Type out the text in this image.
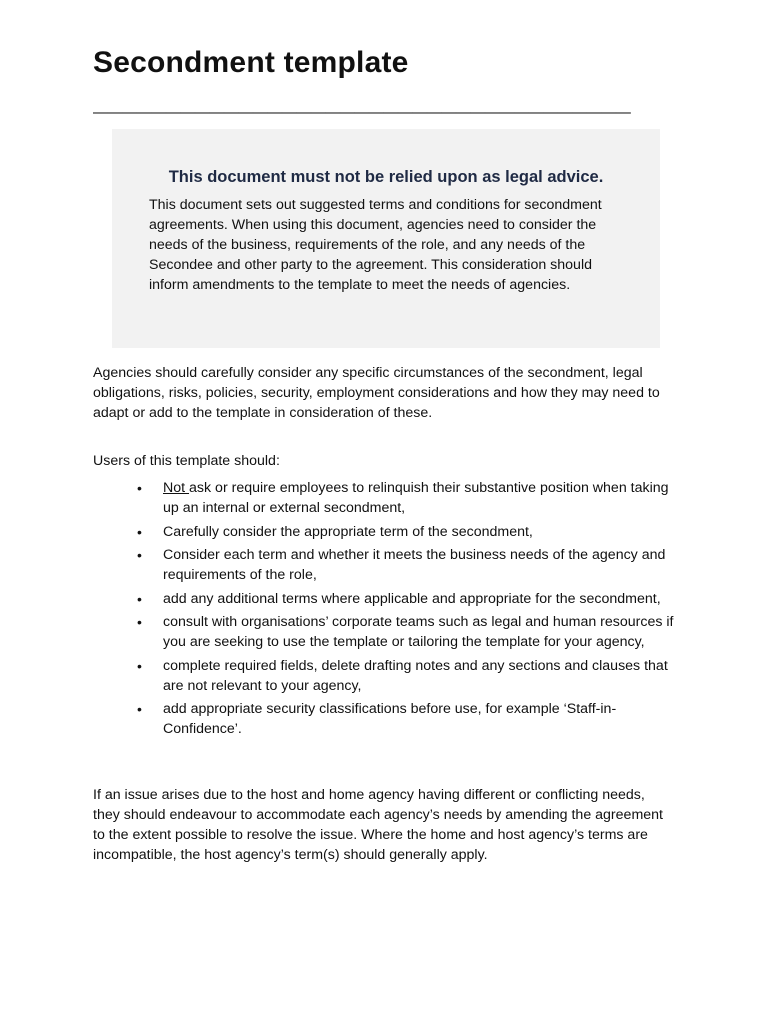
Secondment template
_____________________________________

This document must not be relied upon as legal advice.

This document sets out suggested terms and conditions for secondment agreements. When using this document, agencies need to consider the needs of the business, requirements of the role, and any needs of the Secondee and other party to the agreement. This consideration should inform amendments to the template to meet the needs of agencies.

Agencies should carefully consider any specific circumstances of the secondment, legal obligations, risks, policies, security, employment considerations and how they may need to adapt or add to the template in consideration of these.

Users of this template should:

• Not ask or require employees to relinquish their substantive position when taking up an internal or external secondment,
• Carefully consider the appropriate term of the secondment,
• Consider each term and whether it meets the business needs of the agency and requirements of the role,
• add any additional terms where applicable and appropriate for the secondment,
• consult with organisations’ corporate teams such as legal and human resources if you are seeking to use the template or tailoring the template for your agency,
• complete required fields, delete drafting notes and any sections and clauses that are not relevant to your agency,
• add appropriate security classifications before use, for example ‘Staff-in-Confidence’.

If an issue arises due to the host and home agency having different or conflicting needs, they should endeavour to accommodate each agency’s needs by amending the agreement to the extent possible to resolve the issue. Where the home and host agency’s terms are incompatible, the host agency’s term(s) should generally apply.
